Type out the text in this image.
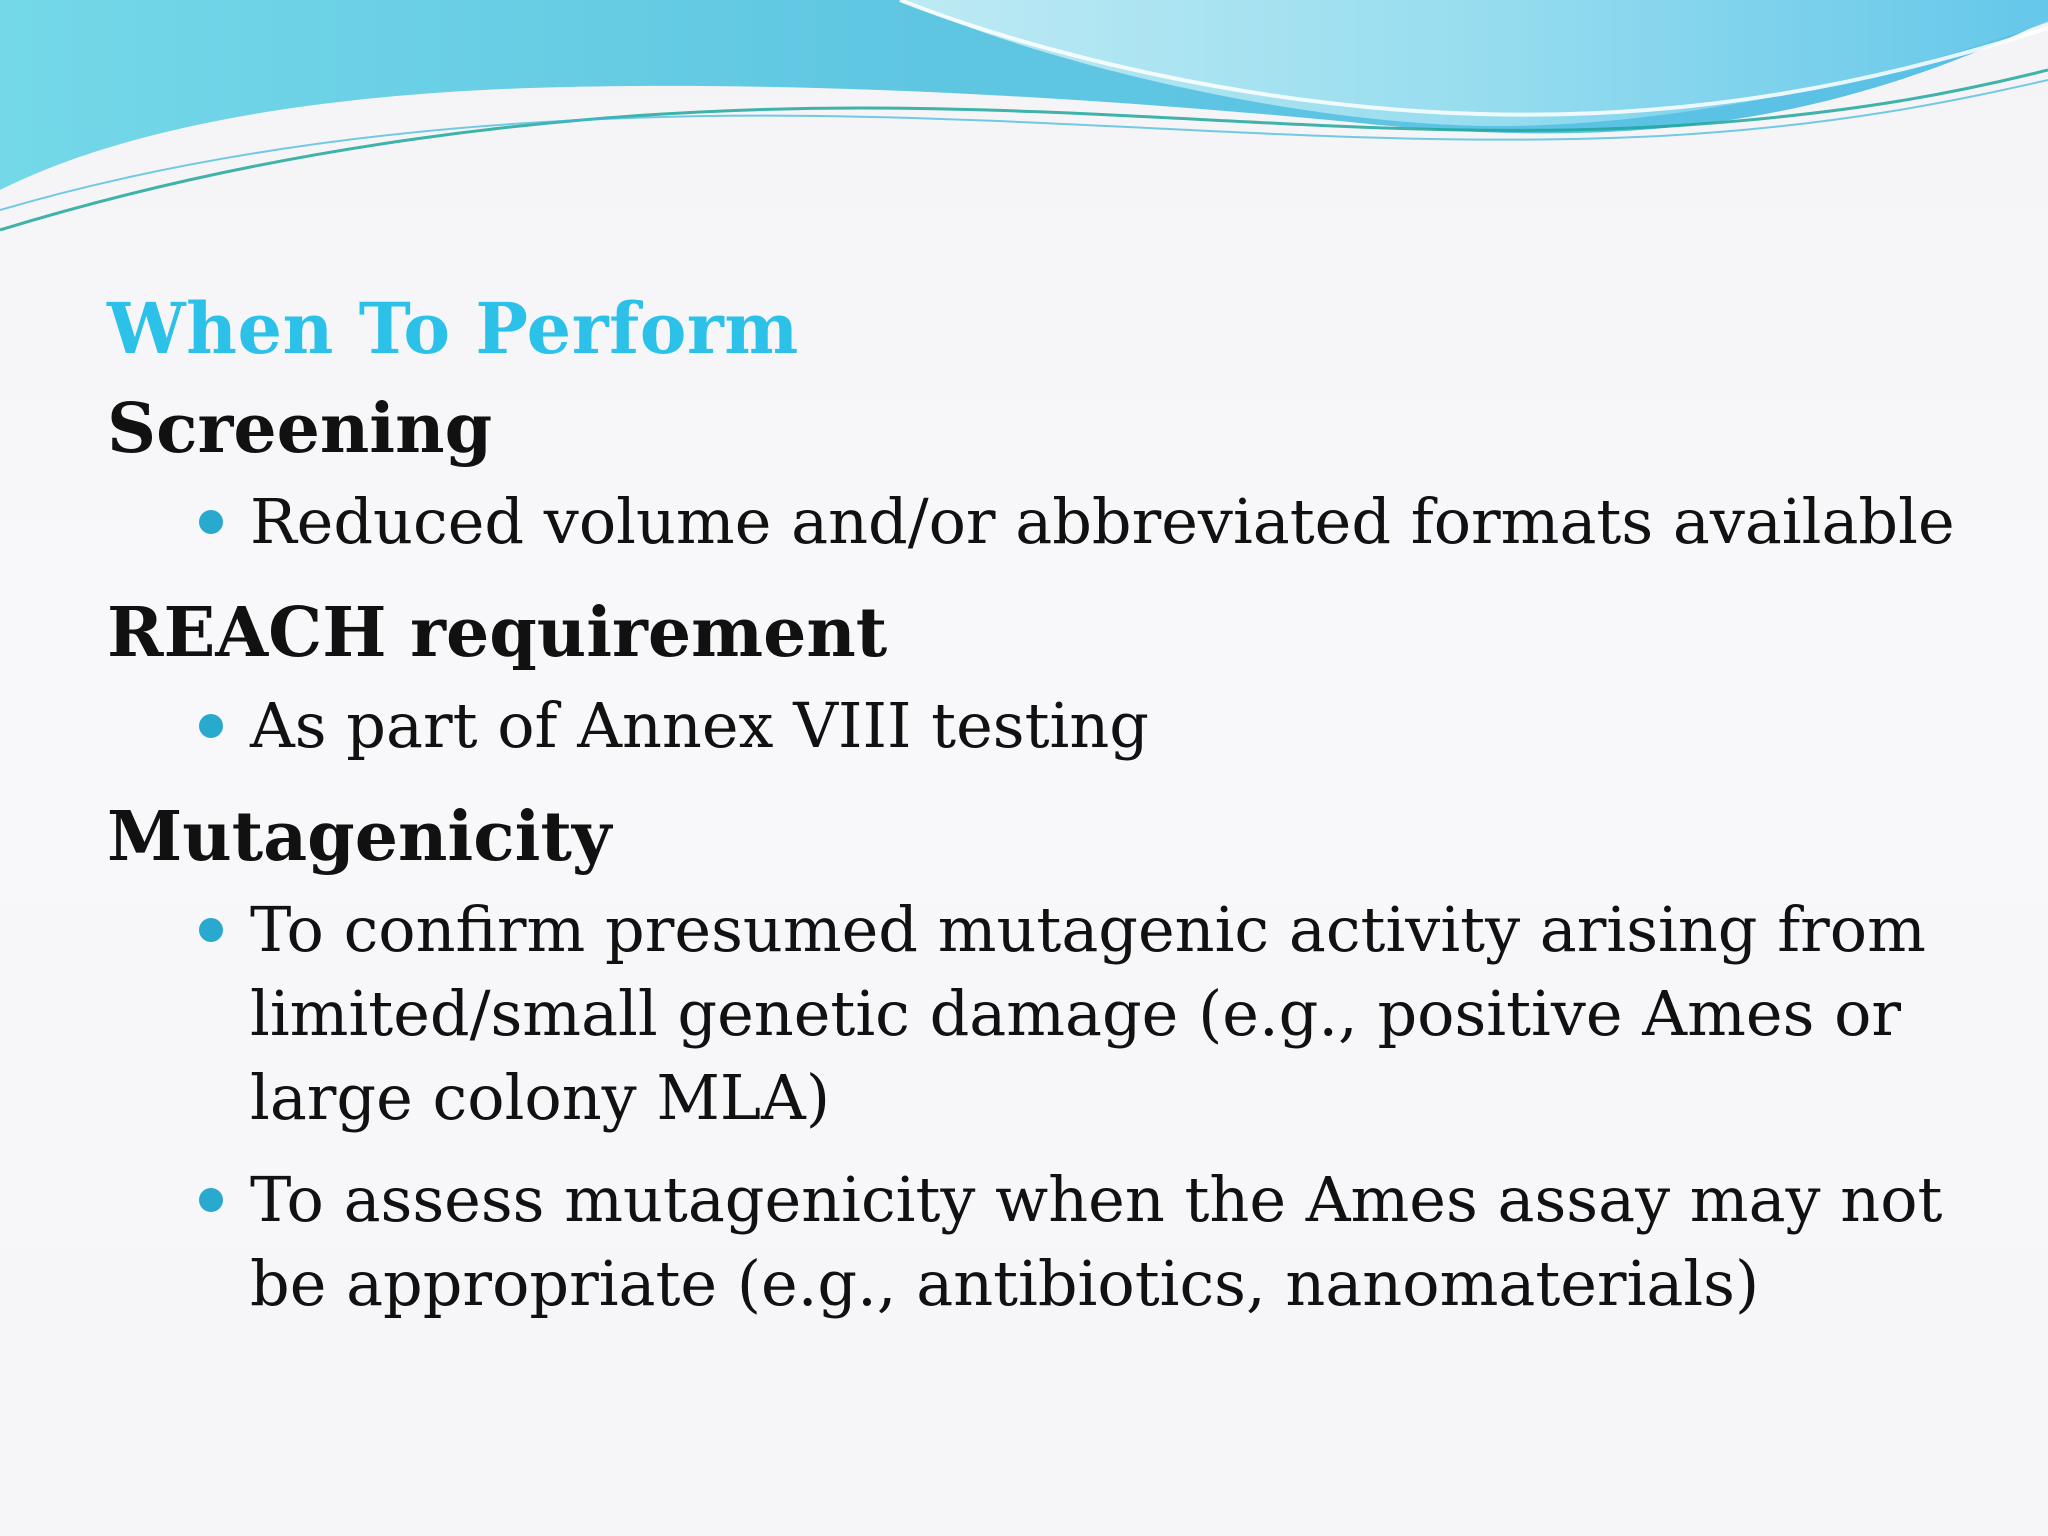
When To Perform
Screening
Reduced volume and/or abbreviated formats available
REACH requirement
As part of Annex VIII testing
Mutagenicity
To confirm presumed mutagenic activity arising from limited/small genetic damage (e.g., positive Ames or large colony MLA)
To assess mutagenicity when the Ames assay may not be appropriate (e.g., antibiotics, nanomaterials)
